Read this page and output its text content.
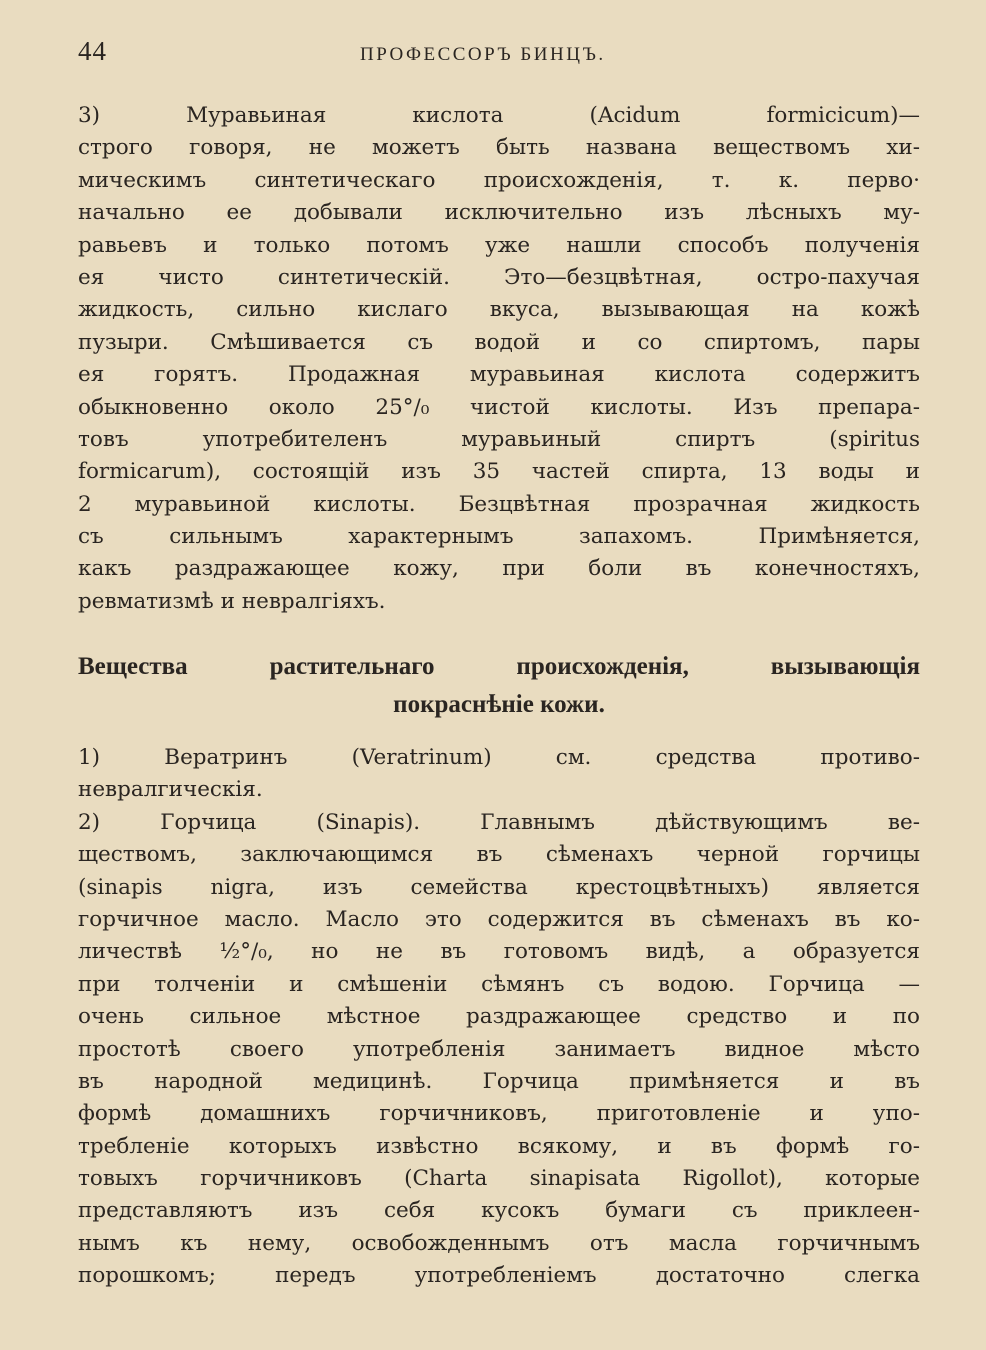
44	ПРОФЕССОРЪ БИНЦЪ.
3) Муравьиная кислота (Acidum formicicum)—
строго говоря, не можетъ быть названа веществомъ хи-
мическимъ синтетическаго происхожденія, т. к. перво·
начально ее добывали исключительно изъ лѣсныхъ му-
равьевъ и только потомъ уже нашли способъ полученія
ея чисто синтетическій. Это—безцвѣтная, остро-пахучая
жидкость, сильно кислаго вкуса, вызывающая на кожѣ
пузыри. Смѣшивается съ водой и со спиртомъ, пары
ея горятъ. Продажная муравьиная кислота содержитъ
обыкновенно около 25°/₀ чистой кислоты. Изъ препара-
товъ употребителенъ муравьиный спиртъ (spiritus
formicarum), состоящій изъ 35 частей спирта, 13 воды и
2 муравьиной кислоты. Безцвѣтная прозрачная жидкость
съ сильнымъ характернымъ запахомъ. Примѣняется,
какъ раздражающее кожу, при боли въ конечностяхъ,
ревматизмѣ и невралгіяхъ.
Вещества растительнаго происхожденія, вызывающія
покраснѣніе кожи.
1) Вератринъ (Veratrinum) см. средства противо-
невралгическія.
2) Горчица (Sinapis). Главнымъ дѣйствующимъ ве-
ществомъ, заключающимся въ сѣменахъ черной горчицы
(sinapis nigra, изъ семейства крестоцвѣтныхъ) является
горчичное масло. Масло это содержится въ сѣменахъ въ ко-
личествѣ ½°/₀, но не въ готовомъ видѣ, а образуется
при толченіи и смѣшеніи сѣмянъ съ водою. Горчица —
очень сильное мѣстное раздражающее средство и по
простотѣ своего употребленія занимаетъ видное мѣсто
въ народной медицинѣ. Горчица примѣняется и въ
формѣ домашнихъ горчичниковъ, приготовленіе и упо-
требленіе которыхъ извѣстно всякому, и въ формѣ го-
товыхъ горчичниковъ (Charta sinapisata Rigollot), которые
представляютъ изъ себя кусокъ бумаги съ приклеен-
нымъ къ нему, освобожденнымъ отъ масла горчичнымъ
порошкомъ; передъ употребленіемъ достаточно слегка
